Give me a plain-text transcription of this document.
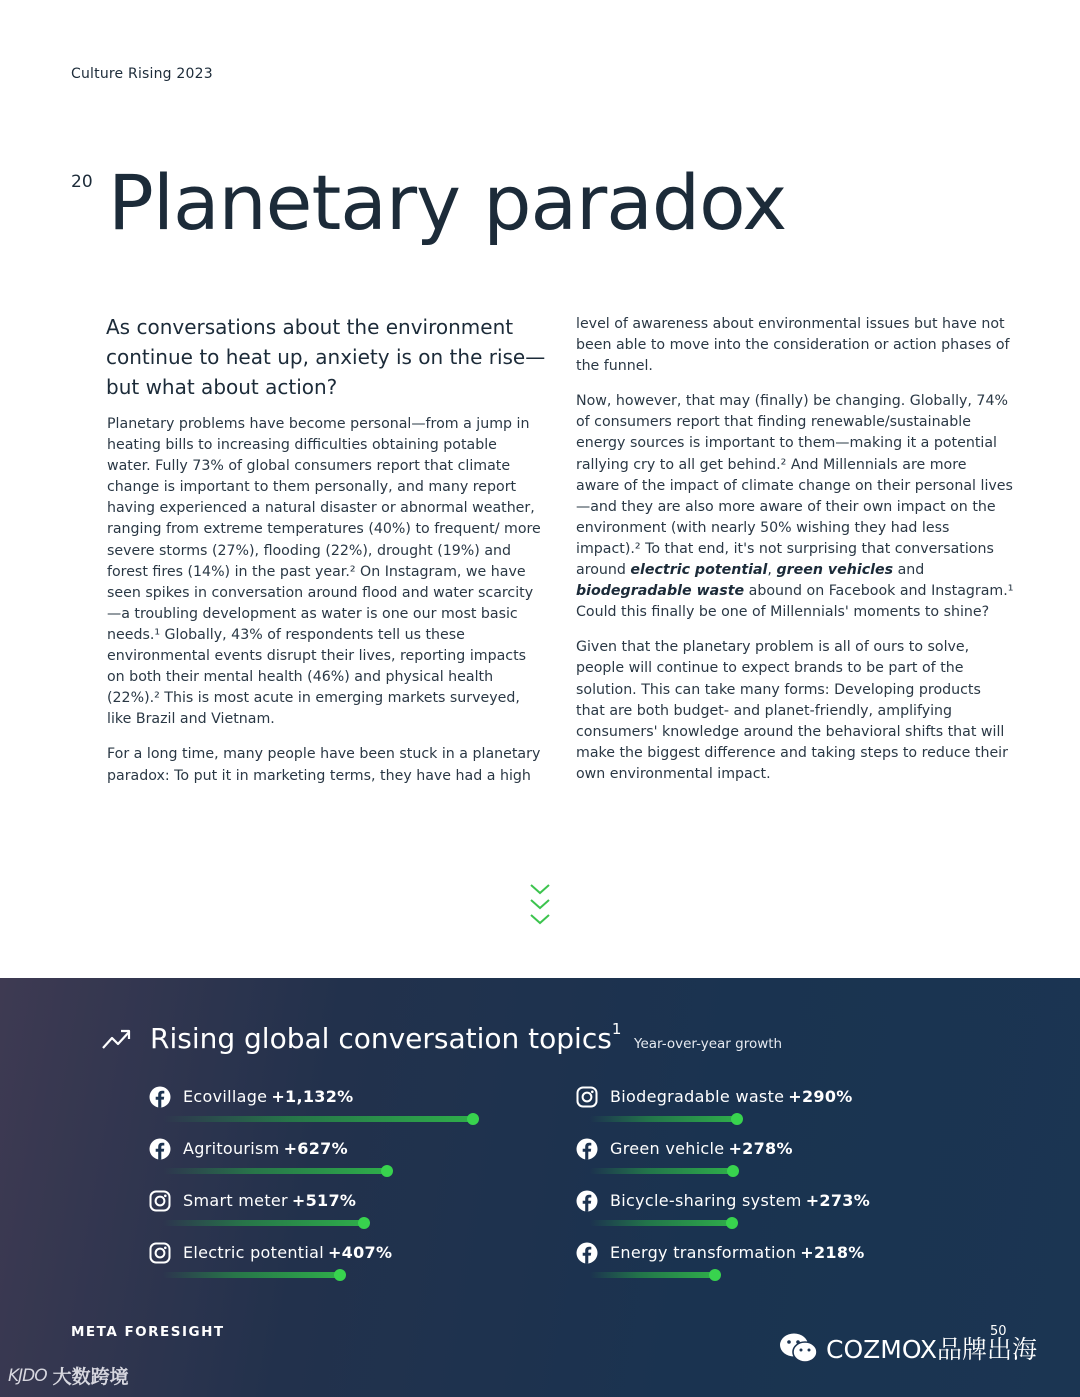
Culture Rising 2023
20 Planetary paradox
As conversations about the environment continue to heat up, anxiety is on the rise—but what about action?

Planetary problems have become personal—from a jump in heating bills to increasing difficulties obtaining potable water. Fully 73% of global consumers report that climate change is important to them personally, and many report having experienced a natural disaster or abnormal weather, ranging from extreme temperatures (40%) to frequent/ more severe storms (27%), flooding (22%), drought (19%) and forest fires (14%) in the past year.² On Instagram, we have seen spikes in conversation around flood and water scarcity—a troubling development as water is one our most basic needs.¹ Globally, 43% of respondents tell us these environmental events disrupt their lives, reporting impacts on both their mental health (46%) and physical health (22%).² This is most acute in emerging markets surveyed, like Brazil and Vietnam.

For a long time, many people have been stuck in a planetary paradox: To put it in marketing terms, they have had a high

level of awareness about environmental issues but have not been able to move into the consideration or action phases of the funnel.

Now, however, that may (finally) be changing. Globally, 74% of consumers report that finding renewable/sustainable energy sources is important to them—making it a potential rallying cry to all get behind.² And Millennials are more aware of the impact of climate change on their personal lives—and they are also more aware of their own impact on the environment (with nearly 50% wishing they had less impact).² To that end, it's not surprising that conversations around electric potential, green vehicles and biodegradable waste abound on Facebook and Instagram.¹ Could this finally be one of Millennials' moments to shine?

Given that the planetary problem is all of ours to solve, people will continue to expect brands to be part of the solution. This can take many forms: Developing products that are both budget- and planet-friendly, amplifying consumers' knowledge around the behavioral shifts that will make the biggest difference and taking steps to reduce their own environmental impact.

Rising global conversation topics$^1$
Year-over-year growth
Ecovillage +1,132%
Agritourism +627%
Smart meter +517%
Electric potential +407%
Biodegradable waste +290%
Green vehicle +278%
Bicycle-sharing system +273%
Energy transformation +218%
META FORESIGHT	50
COZMOX品牌出海
KJDO 大数跨境
